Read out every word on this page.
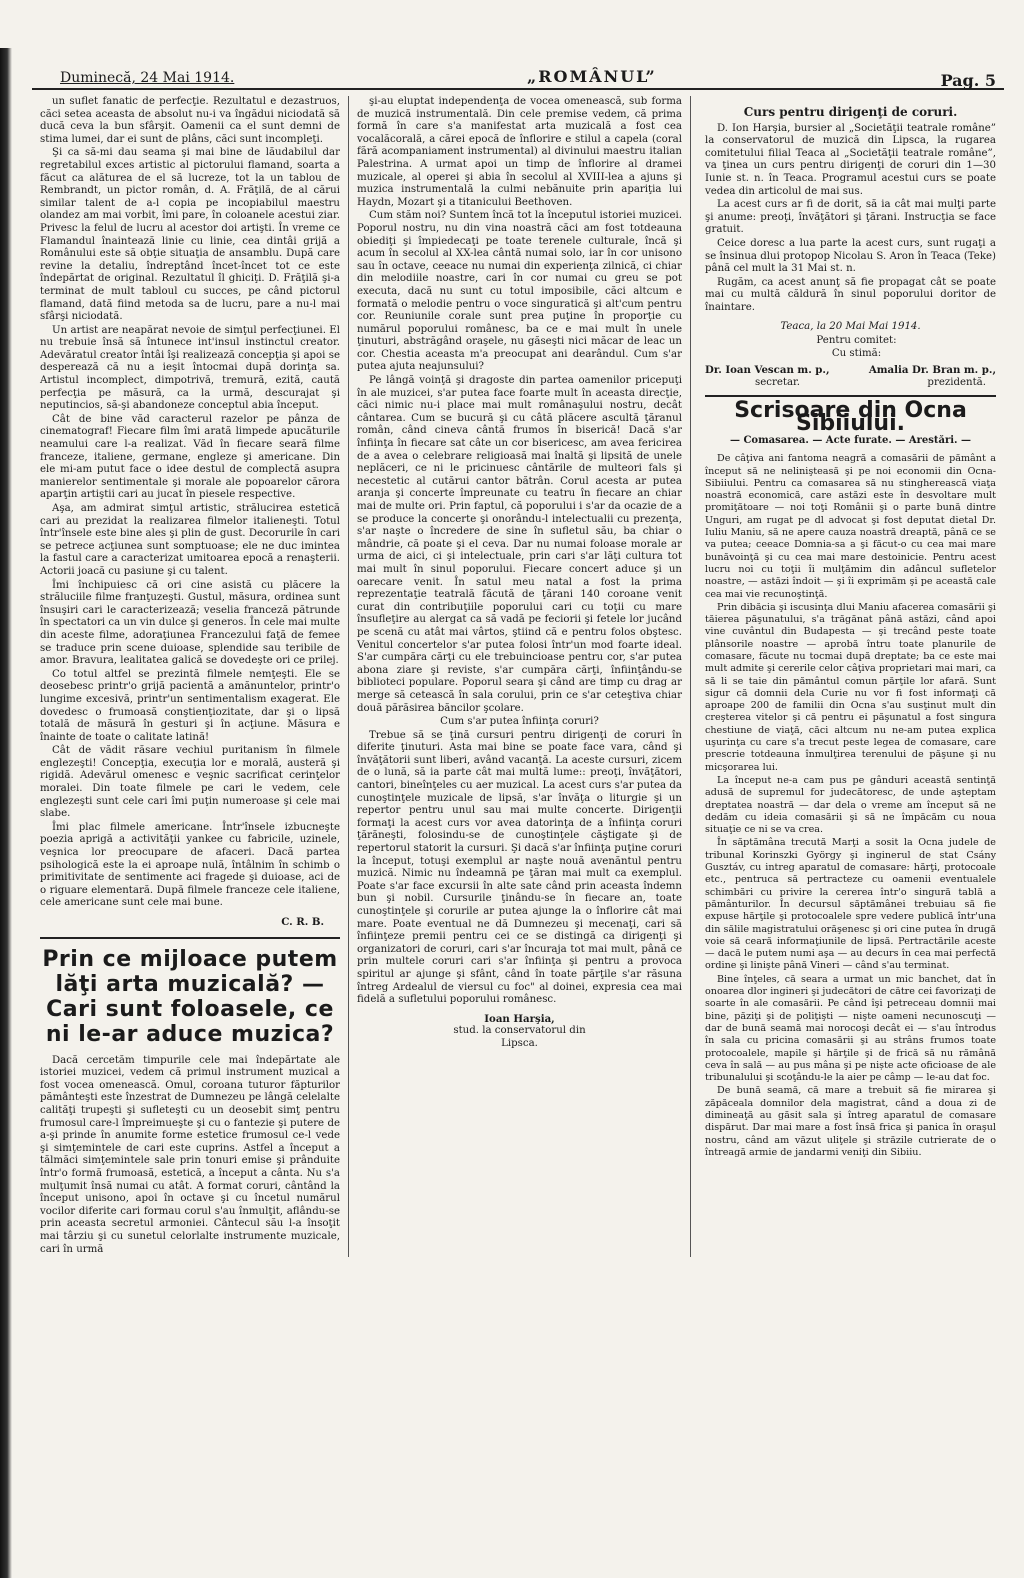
Duminecă, 24 Mai 1914.	„ROMÂNUL”	Pag. 5

un suflet fanatic de perfecţie. Rezultatul e dezastruos, căci setea aceasta de absolut nu-i va îngădui niciodată să ducă ceva la bun sfârşit. Oamenii ca el sunt demni de stima lumei, dar ei sunt de plâns, căci sunt incompleţi.

Şi ca să-mi dau seama şi mai bine de lăudabilul dar regretabilul exces artistic al pictorului flamand, soarta a făcut ca alăturea de el să lucreze, tot la un tablou de Rembrandt, un pictor român, d. A. Frăţilă, de al cărui similar talent de a-l copia pe incopiabilul maestru olandez am mai vorbit, îmi pare, în coloanele acestui ziar. Privesc la felul de lucru al acestor doi artişti. În vreme ce Flamandul înaintează linie cu linie, cea dintâi grijă a Românului este să obţie situaţia de ansamblu. După care revine la detaliu, îndreptând încet-încet tot ce este îndepărtat de original. Rezultatul îl ghiciţi. D. Frăţilă şi-a terminat de mult tabloul cu succes, pe când pictorul flamand, dată fiind metoda sa de lucru, pare a nu-l mai sfârşi niciodată.

Un artist are neapărat nevoie de simţul perfecţiunei. El nu trebuie însă să întunece int'insul instinctul creator. Adevăratul creator întâi îşi realizează concepţia şi apoi se desperează că nu a ieşit întocmai după dorinţa sa. Artistul incomplect, dimpotrivă, tremură, ezită, caută perfecţia pe măsură, ca la urmă, descurajat şi neputincios, să-şi abandoneze conceptul abia început.

Cât de bine văd caracterul razelor pe pânza de cinematograf! Fiecare film îmi arată limpede apucăturile neamului care l-a realizat. Văd în fiecare seară filme franceze, italiene, germane, engleze şi americane. Din ele mi-am putut face o idee destul de complectă asupra manierelor sentimentale şi morale ale popoarelor cărora aparţin artiştii cari au jucat în piesele respective.

Aşa, am admirat simţul artistic, strălucirea estetică cari au prezidat la realizarea filmelor italieneşti. Totul într'însele este bine ales şi plin de gust. Decorurile în cari se petrece acţiunea sunt somptuoase; ele ne duc imintea la fastul care a caracterizat umitoarea epocă a renaşterii. Actorii joacă cu pasiune şi cu talent.

Îmi închipuiesc că ori cine asistă cu plăcere la străluciile filme franţuzeşti. Gustul, măsura, ordinea sunt însuşiri cari le caracterizează; veselia franceză pătrunde în spectatori ca un vin dulce şi generos. În cele mai multe din aceste filme, adoraţiunea Francezului faţă de femee se traduce prin scene duioase, splendide sau teribile de amor. Bravura, lealitatea galică se dovedeşte ori ce prilej.

Co totul altfel se prezintă filmele nemţeşti. Ele se deosebesc printr'o grijă pacientă a amănuntelor, printr'o lungime excesivă, printr'un sentimentalism exagerat. Ele dovedesc o frumoasă conştienţiozitate, dar şi o lipsă totală de măsură în gesturi şi în acţiune. Măsura e înainte de toate o calitate latină!

Cât de vădit răsare vechiul puritanism în filmele englezeşti! Concepţia, execuţia lor e morală, austeră şi rigidă. Adevărul omenesc e veşnic sacrificat cerinţelor moralei. Din toate filmele pe cari le vedem, cele englezeşti sunt cele cari îmi puţin numeroase şi cele mai slabe.

Îmi plac filmele americane. Într'însele izbucneşte poezia aprigă a activităţii yankee cu fabricile, uzinele, veşnica lor preocupare de afaceri. Dacă partea psihologică este la ei aproape nulă, întâlnim în schimb o primitivitate de sentimente aci fragede şi duioase, aci de o riguare elementară. După filmele franceze cele italiene, cele americane sunt cele mai bune.

C. R. B.
Prin ce mijloace putem lăţi arta muzicală? — Cari sunt foloasele, ce ni le-ar aduce muzica?

Dacă cercetăm timpurile cele mai îndepărtate ale istoriei muzicei, vedem că primul instrument muzical a fost vocea omenească. Omul, coroana tuturor făpturilor pământeşti este înzestrat de Dumnezeu pe lângă celelalte calităţi trupeşti şi sufleteşti cu un deosebit simţ pentru frumosul care-l împreimueşte şi cu o fantezie şi putere de a-şi prinde în anumite forme estetice frumosul ce-l vede şi simţemintele de cari este cuprins. Astfel a început a tălmăci simţemintele sale prin tonuri emise şi prânduite într'o formă frumoasă, estetică, a început a cânta. Nu s'a mulţumit însă numai cu atât. A format coruri, cântând la început unisono, apoi în octave şi cu încetul numărul vocilor diferite cari formau corul s'au înmulţit, aflându-se prin aceasta secretul armoniei. Cântecul său l-a însoţit mai târziu şi cu sunetul celorlalte instrumente muzicale, cari în urmă

şi-au eluptat independenţa de vocea omenească, sub forma de muzică instrumentală. Din cele premise vedem, că prima formă în care s'a manifestat arta muzicală a fost cea vocalăcorală, a cărei epocă de înflorire e stilul a capela (coral fără acompaniament instrumental) al divinului maestru italian Palestrina. A urmat apoi un timp de înflorire al dramei muzicale, al operei şi abia în secolul al XVIII-lea a ajuns şi muzica instrumentală la culmi nebănuite prin apariţia lui Haydn, Mozart şi a titanicului Beethoven.

Cum stăm noi? Suntem încă tot la începutul istoriei muzicei. Poporul nostru, nu din vina noastră căci am fost totdeauna obiediţi şi împiedecaţi pe toate terenele culturale, încă şi acum în secolul al XX-lea cântă numai solo, iar în cor unisono sau în octave, ceeace nu numai din experienţa zilnică, ci chiar din melodiile noastre, cari în cor numai cu greu se pot executa, dacă nu sunt cu totul imposibile, căci altcum e formată o melodie pentru o voce singuratică şi alt'cum pentru cor. Reuniunile corale sunt prea puţine în proporţie cu numărul poporului românesc, ba ce e mai mult în unele ţinuturi, abstrăgând oraşele, nu găseşti nici măcar de leac un cor. Chestia aceasta m'a preocupat ani dearândul. Cum s'ar putea ajuta neajunsului?

Pe lângă voinţă şi dragoste din partea oamenilor pricepuţi în ale muzicei, s'ar putea face foarte mult în aceasta direcţie, căci nimic nu-i place mai mult românaşului nostru, decât cântarea. Cum se bucură şi cu câtă plăcere ascultă ţăranul român, când cineva cântă frumos în biserică! Dacă s'ar înfiinţa în fiecare sat câte un cor bisericesc, am avea fericirea de a avea o celebrare religioasă mai înaltă şi lipsită de unele neplăceri, ce ni le pricinuesc cântările de multeori fals şi necestetic al cutărui cantor bătrân. Corul acesta ar putea aranja şi concerte împreunate cu teatru în fiecare an chiar mai de multe ori. Prin faptul, că poporului i s'ar da ocazie de a se produce la concerte şi onorându-l intelectualii cu prezenţa, s'ar naşte o încredere de sine în sufletul său, ba chiar o mândrie, că poate şi el ceva. Dar nu numai foloase morale ar urma de aici, ci şi intelectuale, prin cari s'ar lăţi cultura tot mai mult în sinul poporului. Fiecare concert aduce şi un oarecare venit. În satul meu natal a fost la prima reprezentaţie teatrală făcută de ţărani 140 coroane venit curat din contribuţiile poporului cari cu toţii cu mare însufleţire au alergat ca să vadă pe feciorii şi fetele lor jucând pe scenă cu atât mai vârtos, ştiind că e pentru folos obştesc. Venitul concertelor s'ar putea folosi într'un mod foarte ideal. S'ar cumpăra cărţi cu ele trebuincioase pentru cor, s'ar putea abona ziare şi reviste, s'ar cumpăra cărţi, înfiinţându-se biblioteci populare. Poporul seara şi când are timp cu drag ar merge să cetească în sala corului, prin ce s'ar ceteştiva chiar două părăsirea băncilor şcolare.

Cum s'ar putea înfiinţa coruri?

Trebue să se ţină cursuri pentru dirigenţi de coruri în diferite ţinuturi. Asta mai bine se poate face vara, când şi învăţătorii sunt liberi, având vacanţă. La aceste cursuri, zicem de o lună, să ia parte cât mai multă lume:: preoţi, învăţători, cantori, bineînţeles cu aer muzical. La acest curs s'ar putea da cunoştinţele muzicale de lipsă, s'ar învăţa o liturgie şi un repertor pentru unul sau mai multe concerte. Dirigenţii formaţi la acest curs vor avea datorinţa de a înfiinţa coruri ţărăneşti, folosindu-se de cunoştinţele căştigate şi de repertorul statorit la cursuri. Şi dacă s'ar înfiinţa puţine coruri la început, totuşi exemplul ar naşte nouă avenăntul pentru muzică. Nimic nu îndeamnă pe ţăran mai mult ca exemplul. Poate s'ar face excursii în alte sate când prin aceasta îndemn bun şi nobil. Cursurile ţinându-se în fiecare an, toate cunoştinţele şi corurile ar putea ajunge la o înflorire cât mai mare. Poate eventual ne dă Dumnezeu şi mecenaţi, cari să înfiinţeze premii pentru cei ce se distingă ca dirigenţi şi organizatori de coruri, cari s'ar încuraja tot mai mult, până ce prin multele coruri cari s'ar înfiinţa şi pentru a provoca spiritul ar ajunge şi sfânt, când în toate părţile s'ar răsuna întreg Ardealul de viersul cu foc" al doinei, expresia cea mai fidelă a sufletului poporului românesc.

Ioan Harşia,
stud. la conservatorul din
Lipsca.
Curs pentru dirigenţi de coruri.

D. Ion Harşia, bursier al „Societăţii teatrale române” la conservatorul de muzică din Lipsca, la rugarea comitetului filial Teaca al „Societăţii teatrale române”, va ţinea un curs pentru dirigenţi de coruri din 1—30 Iunie st. n. în Teaca. Programul acestui curs se poate vedea din articolul de mai sus.

La acest curs ar fi de dorit, să ia cât mai mulţi parte şi anume: preoţi, învăţători şi ţărani. Instrucţia se face gratuit.

Ceice doresc a lua parte la acest curs, sunt rugaţi a se însinua dlui protopop Nicolau S. Aron în Teaca (Teke) până cel mult la 31 Mai st. n.

Rugăm, ca acest anunţ să fie propagat cât se poate mai cu multă căldură în sinul poporului doritor de înaintare.

Teaca, la 20 Mai Mai 1914.

Pentru comitet:

Cu stimă:

Dr. Ioan Vescan m. p.,	Amalia Dr. Bran m. p.,
secretar.	prezidentă.
Scrisoare din Ocna Sibiiului.
— Comasarea. — Acte furate. — Arestări. —

De câţiva ani fantoma neagră a comasării de pământ a început să ne nelinişteasă şi pe noi economii din Ocna-Sibiiului. Pentru ca comasarea să nu stingherească viaţa noastră economică, care astăzi este în desvoltare mult promiţătoare — noi toţi Românii şi o parte bună dintre Unguri, am rugat pe dl advocat şi fost deputat dietal Dr. Iuliu Maniu, să ne apere cauza noastră dreaptă, până ce se va putea; ceeace Domnia-sa a şi făcut-o cu cea mai mare bunăvoinţă şi cu cea mai mare destoinicie. Pentru acest lucru noi cu toţii îi mulţămim din adâncul sufletelor noastre, — astăzi îndoit — şi îi exprimăm şi pe această cale cea mai vie recunoştinţă.

Prin dibăcia şi iscusinţa dlui Maniu afacerea comasării şi tăierea păşunatului, s'a trăgănat până astăzi, când apoi vine cuvântul din Budapesta — şi trecând peste toate plânsorile noastre — aprobă întru toate planurile de comasare, făcute nu tocmai după dreptate; ba ce este mai mult admite şi cererile celor câţiva proprietari mai mari, ca să li se taie din pământul comun părţile lor afară. Sunt sigur că domnii dela Curie nu vor fi fost informaţi că aproape 200 de familii din Ocna s'au susţinut mult din creşterea vitelor şi că pentru ei păşunatul a fost singura chestiune de viaţă, căci altcum nu ne-am putea explica uşurinţa cu care s'a trecut peste legea de comasare, care prescrie totdeauna înmulţirea terenului de păşune şi nu micşorarea lui.

La început ne-a cam pus pe gânduri această sentinţă adusă de supremul for judecătoresc, de unde aşteptam dreptatea noastră — dar dela o vreme am început să ne dedăm cu ideia comasării şi să ne împăcăm cu noua situaţie ce ni se va crea.

În săptămâna trecută Marţi a sosit la Ocna judele de tribunal Korinszki György şi inginerul de stat Csány Gusztáv, cu intreg aparatul de comasare: hărţi, protocoale etc., pentruca să pertracteze cu oamenii eventualele schimbări cu privire la cererea într'o singură tablă a pământurilor. În decursul săptămânei trebuiau să fie expuse hărţile şi protocoalele spre vedere publică într'una din sălile magistratului orăşenesc şi ori cine putea în drugă voie să ceară informaţiunile de lipsă. Pertractările aceste — dacă le putem numi aşa — au decurs în cea mai perfectă ordine şi linişte până Vineri — când s'au terminat.

Bine înţeles, că seara a urmat un mic banchet, dat în onoarea dlor ingineri şi judecători de către cei favorizaţi de soarte în ale comasării. Pe când îşi petreceau domnii mai bine, păziţi şi de poliţişti — nişte oameni necunoscuţi — dar de bună seamă mai norocoşi decât ei — s'au întrodus în sala cu pricina comasării şi au strâns frumos toate protocoalele, mapile şi hărţile şi de frică să nu rămână ceva în sală — au pus mâna şi pe niște acte oficioase de ale tribunalului şi scoţându-le la aier pe câmp — le-au dat foc.

De bună seamă, că mare a trebuit să fie mirarea şi zăpăceala domnilor dela magistrat, când a doua zi de dimineaţă au găsit sala şi întreg aparatul de comasare dispărut. Dar mai mare a fost însă frica şi panica în oraşul nostru, când am văzut uliţele şi străzile cutrierate de o întreagă armie de jandarmi veniţi din Sibiiu.
